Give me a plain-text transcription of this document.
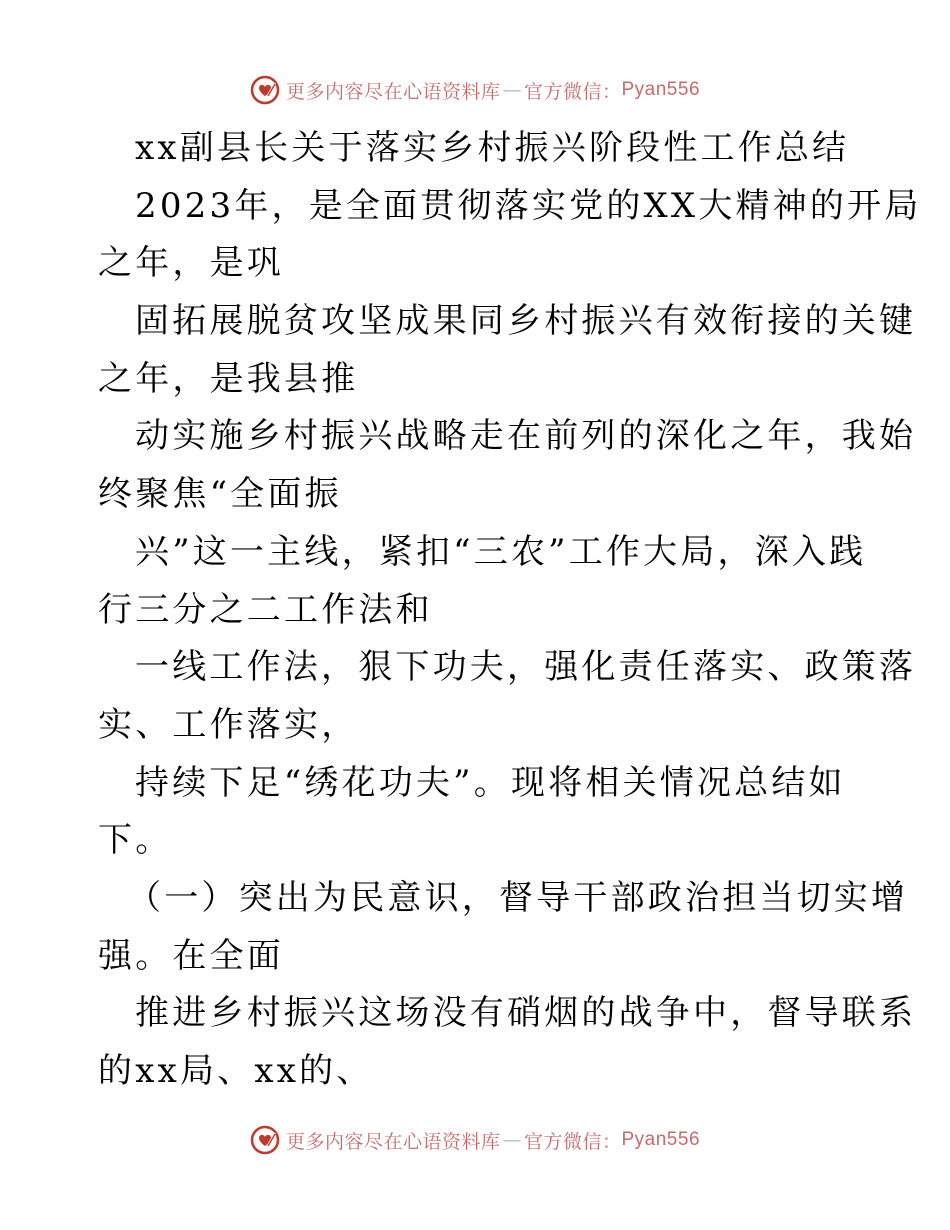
更多内容尽在心语资料库 — 官方微信： Pyan556
xx副县长关于落实乡村振兴阶段性工作总结
2023年，是全面贯彻落实党的XX大精神的开局
之年，是巩
固拓展脱贫攻坚成果同乡村振兴有效衔接的关键
之年，是我县推
动实施乡村振兴战略走在前列的深化之年，我始
终聚焦“全面振
兴”这一主线，紧扣“三农”工作大局，深入践
行三分之二工作法和
一线工作法，狠下功夫，强化责任落实、政策落
实、工作落实，
持续下足“绣花功夫”。现将相关情况总结如
下。
（一）突出为民意识，督导干部政治担当切实增
强。在全面
推进乡村振兴这场没有硝烟的战争中，督导联系
的xx局、xx的、
更多内容尽在心语资料库 — 官方微信： Pyan556
